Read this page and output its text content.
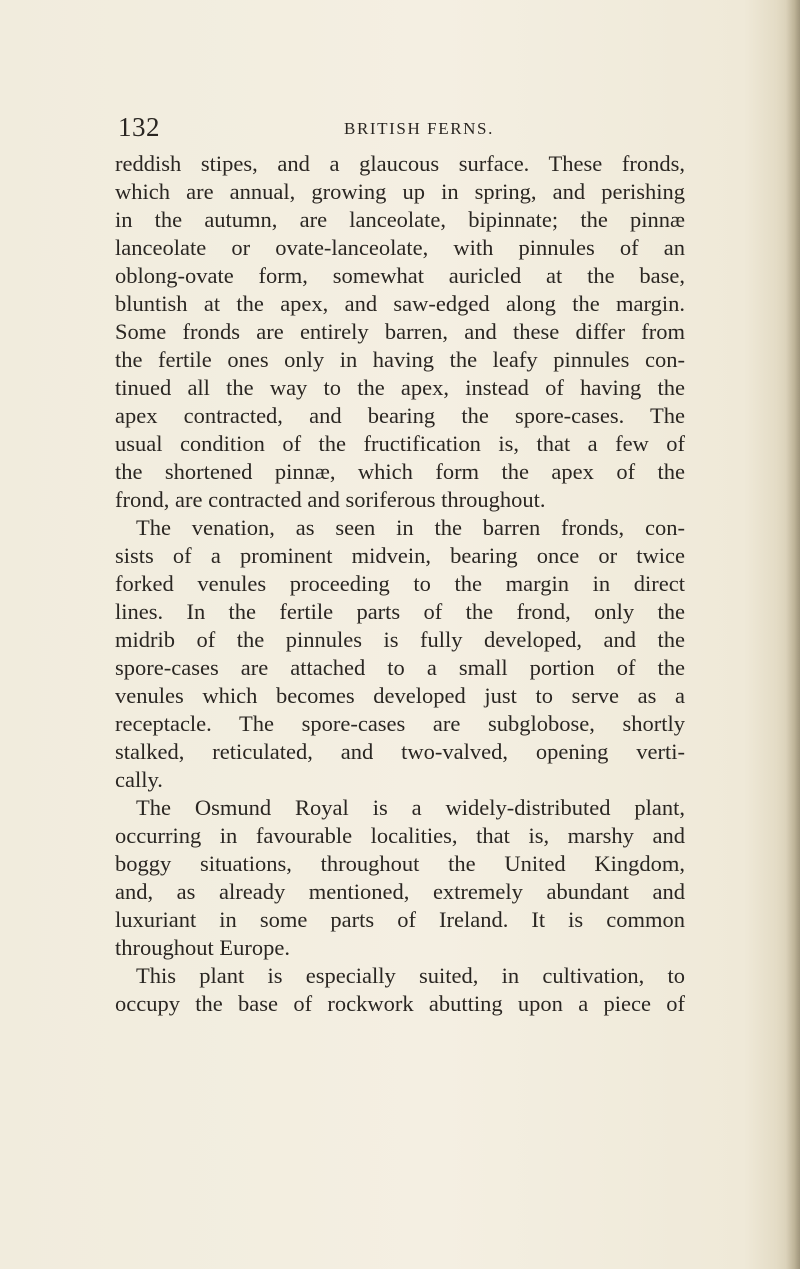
132	BRITISH FERNS.
reddish stipes, and a glaucous surface. These fronds,
which are annual, growing up in spring, and perishing
in the autumn, are lanceolate, bipinnate; the pinnæ
lanceolate or ovate-lanceolate, with pinnules of an
oblong-ovate form, somewhat auricled at the base,
bluntish at the apex, and saw-edged along the margin.
Some fronds are entirely barren, and these differ from
the fertile ones only in having the leafy pinnules con-
tinued all the way to the apex, instead of having the
apex contracted, and bearing the spore-cases. The
usual condition of the fructification is, that a few of
the shortened pinnæ, which form the apex of the
frond, are contracted and soriferous throughout.
The venation, as seen in the barren fronds, con-
sists of a prominent midvein, bearing once or twice
forked venules proceeding to the margin in direct
lines. In the fertile parts of the frond, only the
midrib of the pinnules is fully developed, and the
spore-cases are attached to a small portion of the
venules which becomes developed just to serve as a
receptacle. The spore-cases are subglobose, shortly
stalked, reticulated, and two-valved, opening verti-
cally.
The Osmund Royal is a widely-distributed plant,
occurring in favourable localities, that is, marshy and
boggy situations, throughout the United Kingdom,
and, as already mentioned, extremely abundant and
luxuriant in some parts of Ireland. It is common
throughout Europe.
This plant is especially suited, in cultivation, to
occupy the base of rockwork abutting upon a piece of
